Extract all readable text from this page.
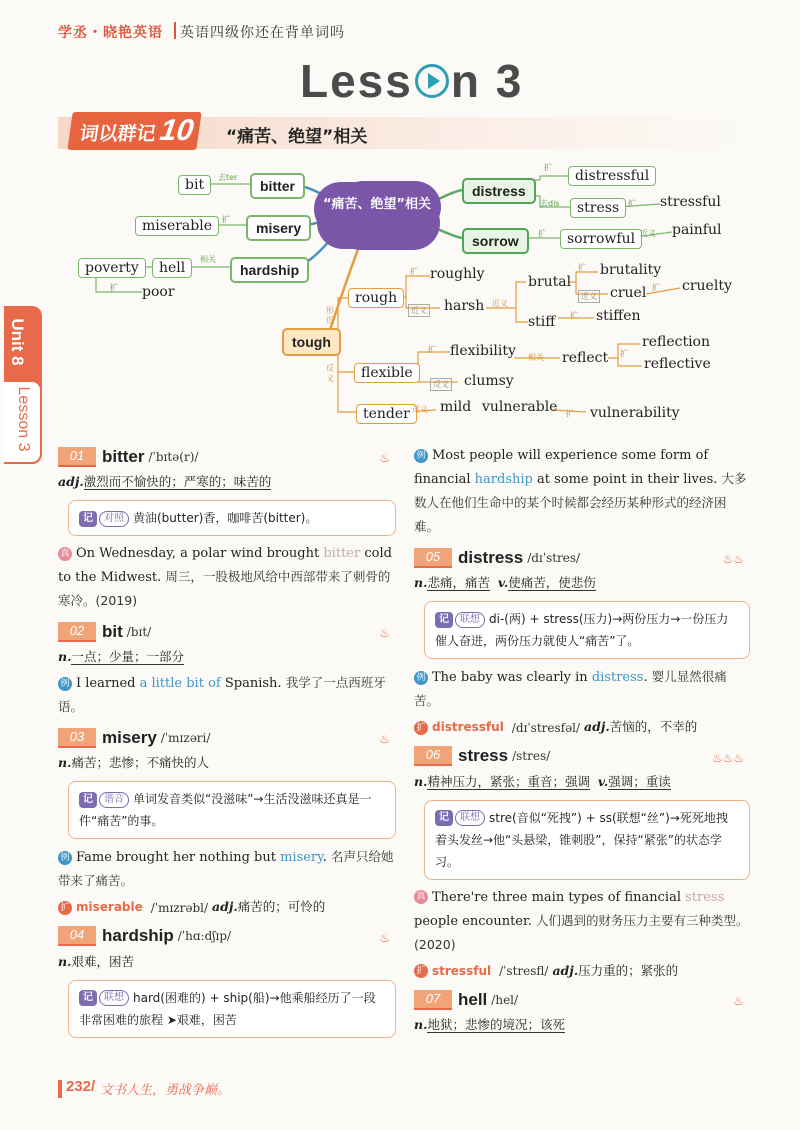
学丞・晓艳英语 英语四级你还在背单词吗
Less n 3
词以群记10	“痛苦、绝望”相关
“痛苦、绝望”相关
bit	去ter
bitter
miserable	扩
misery
poverty	hell
相关
hardship
扩 poor
distress
扩
distressful
去dis	stress	扩 stressful
sorrow	扩	sorrowful 近义 painful
tough
形近
反义
rough
扩 roughly
近义 harsh 近义
brutal
扩 brutality
近义 cruel 扩 cruelty
stiff 扩 stiffen
flexible
扩 flexibility 相关 reflect 扩
reflection
reflective
反义 clumsy
tender 近义 mild vulnerable 扩 vulnerability
Unit 8
Lesson 3
01 bitter /ˈbɪtə(r)/	♨
adj.激烈而不愉快的；严寒的；味苦的
记 对照 黄油(butter)香，咖啡苦(bitter)。
真 On Wednesday, a polar wind brought bitter cold to the Midwest. 周三，一股极地风给中西部带来了刺骨的寒冷。(2019)
02 bit /bɪt/	♨
n.一点；少量；一部分
例 I learned a little bit of Spanish. 我学了一点西班牙语。
03 misery /ˈmɪzəri/	♨
n.痛苦；悲惨；不痛快的人
记 谐音 单词发音类似“没滋味”→生活没滋味还真是一件“痛苦”的事。
例 Fame brought her nothing but misery. 名声只给她带来了痛苦。
扩 miserable /ˈmɪzrəbl/ adj.痛苦的；可怜的
04 hardship /ˈhɑːdʃɪp/	♨
n.艰难，困苦
记 联想 hard(困难的) + ship(船)→他乘船经历了一段非常困难的旅程 ➤艰难，困苦
例 Most people will experience some form of financial hardship at some point in their lives. 大多数人在他们生命中的某个时候都会经历某种形式的经济困难。
05 distress /dɪˈstres/	♨♨
n.悲痛，痛苦 v.使痛苦，使悲伤
记 联想 di-(两) + stress(压力)→两份压力→一份压力催人奋进，两份压力就使人“痛苦”了。
例 The baby was clearly in distress. 婴儿显然很痛苦。
扩 distressful /dɪˈstresfəl/ adj.苦恼的，不幸的
06 stress /stres/	♨♨♨
n.精神压力，紧张；重音；强调 v.强调；重读
记 联想 stre(音似“死拽”) + ss(联想“丝”)→死死地拽着头发丝→他“头悬梁，锥刺股”，保持“紧张”的状态学习。
真 There're three main types of financial stress people encounter. 人们遇到的财务压力主要有三种类型。(2020)
扩 stressful /ˈstresfl/ adj.压力重的；紧张的
07 hell /hel/	♨
n.地狱；悲惨的境况；该死
232/ 文书人生，勇战争巅。
